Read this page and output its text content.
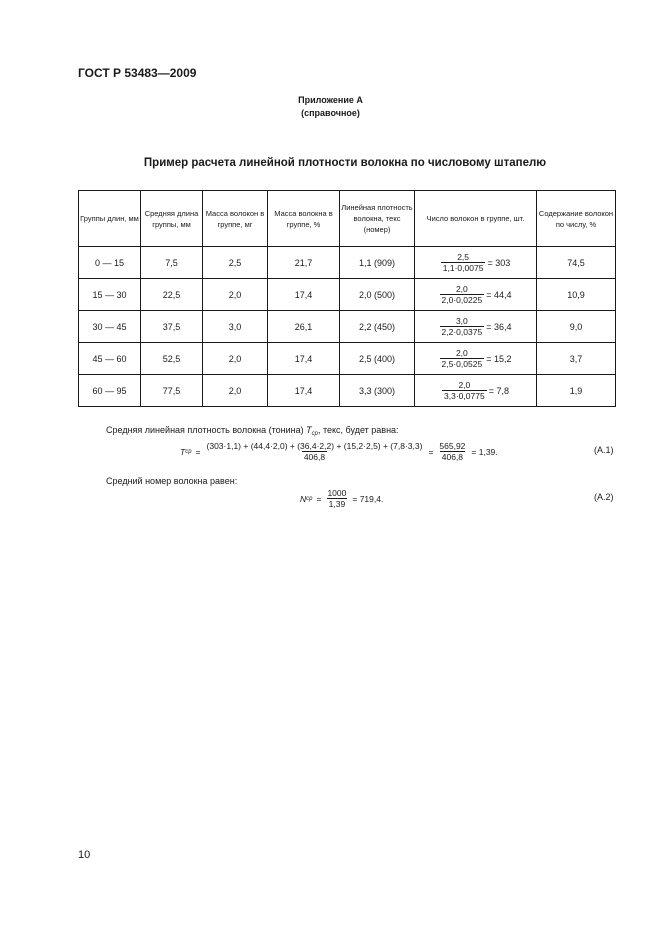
ГОСТ Р 53483—2009
Приложение А
(справочное)
Пример расчета линейной плотности волокна по числовому штапелю
Группы длин, мм	Средняя длина группы, мм	Масса волокон в группе, мг	Масса волокна в группе, %	Линейная плотность волокна, текс (номер)	Число волокон в группе, шт.	Содержание волокон по числу, %
0 — 15	7,5	2,5	21,7	1,1 (909)	$\frac{2,5}{1,1\cdot 0,0075} = 303$	74,5
15 — 30	22,5	2,0	17,4	2,0 (500)	$\frac{2,0}{2,0\cdot 0,0225} = 44,4$	10,9
30 — 45	37,5	3,0	26,1	2,2 (450)	$\frac{3,0}{2,2\cdot 0,0375} = 36,4$	9,0
45 — 60	52,5	2,0	17,4	2,5 (400)	$\frac{2,0}{2,5\cdot 0,0525} = 15,2$	3,7
60 — 95	77,5	2,0	17,4	3,3 (300)	$\frac{2,0}{3,3\cdot 0,0775} = 7,8$	1,9
Средняя линейная плотность волокна (тонина) $T_{ср}$, текс, будет равна:
T ср = $\frac{(303\cdot 1,1) + (44,4\cdot 2,0) + (36,4\cdot 2,2) + (15,2\cdot 2,5) + (7,8\cdot 3,3)}{406,8} = \frac{565,92}{406,8} = 1,39$.	(А.1)
Средний номер волокна равен:
N ср = $\frac{1000}{1,39} = 719,4$.	(А.2)
10
